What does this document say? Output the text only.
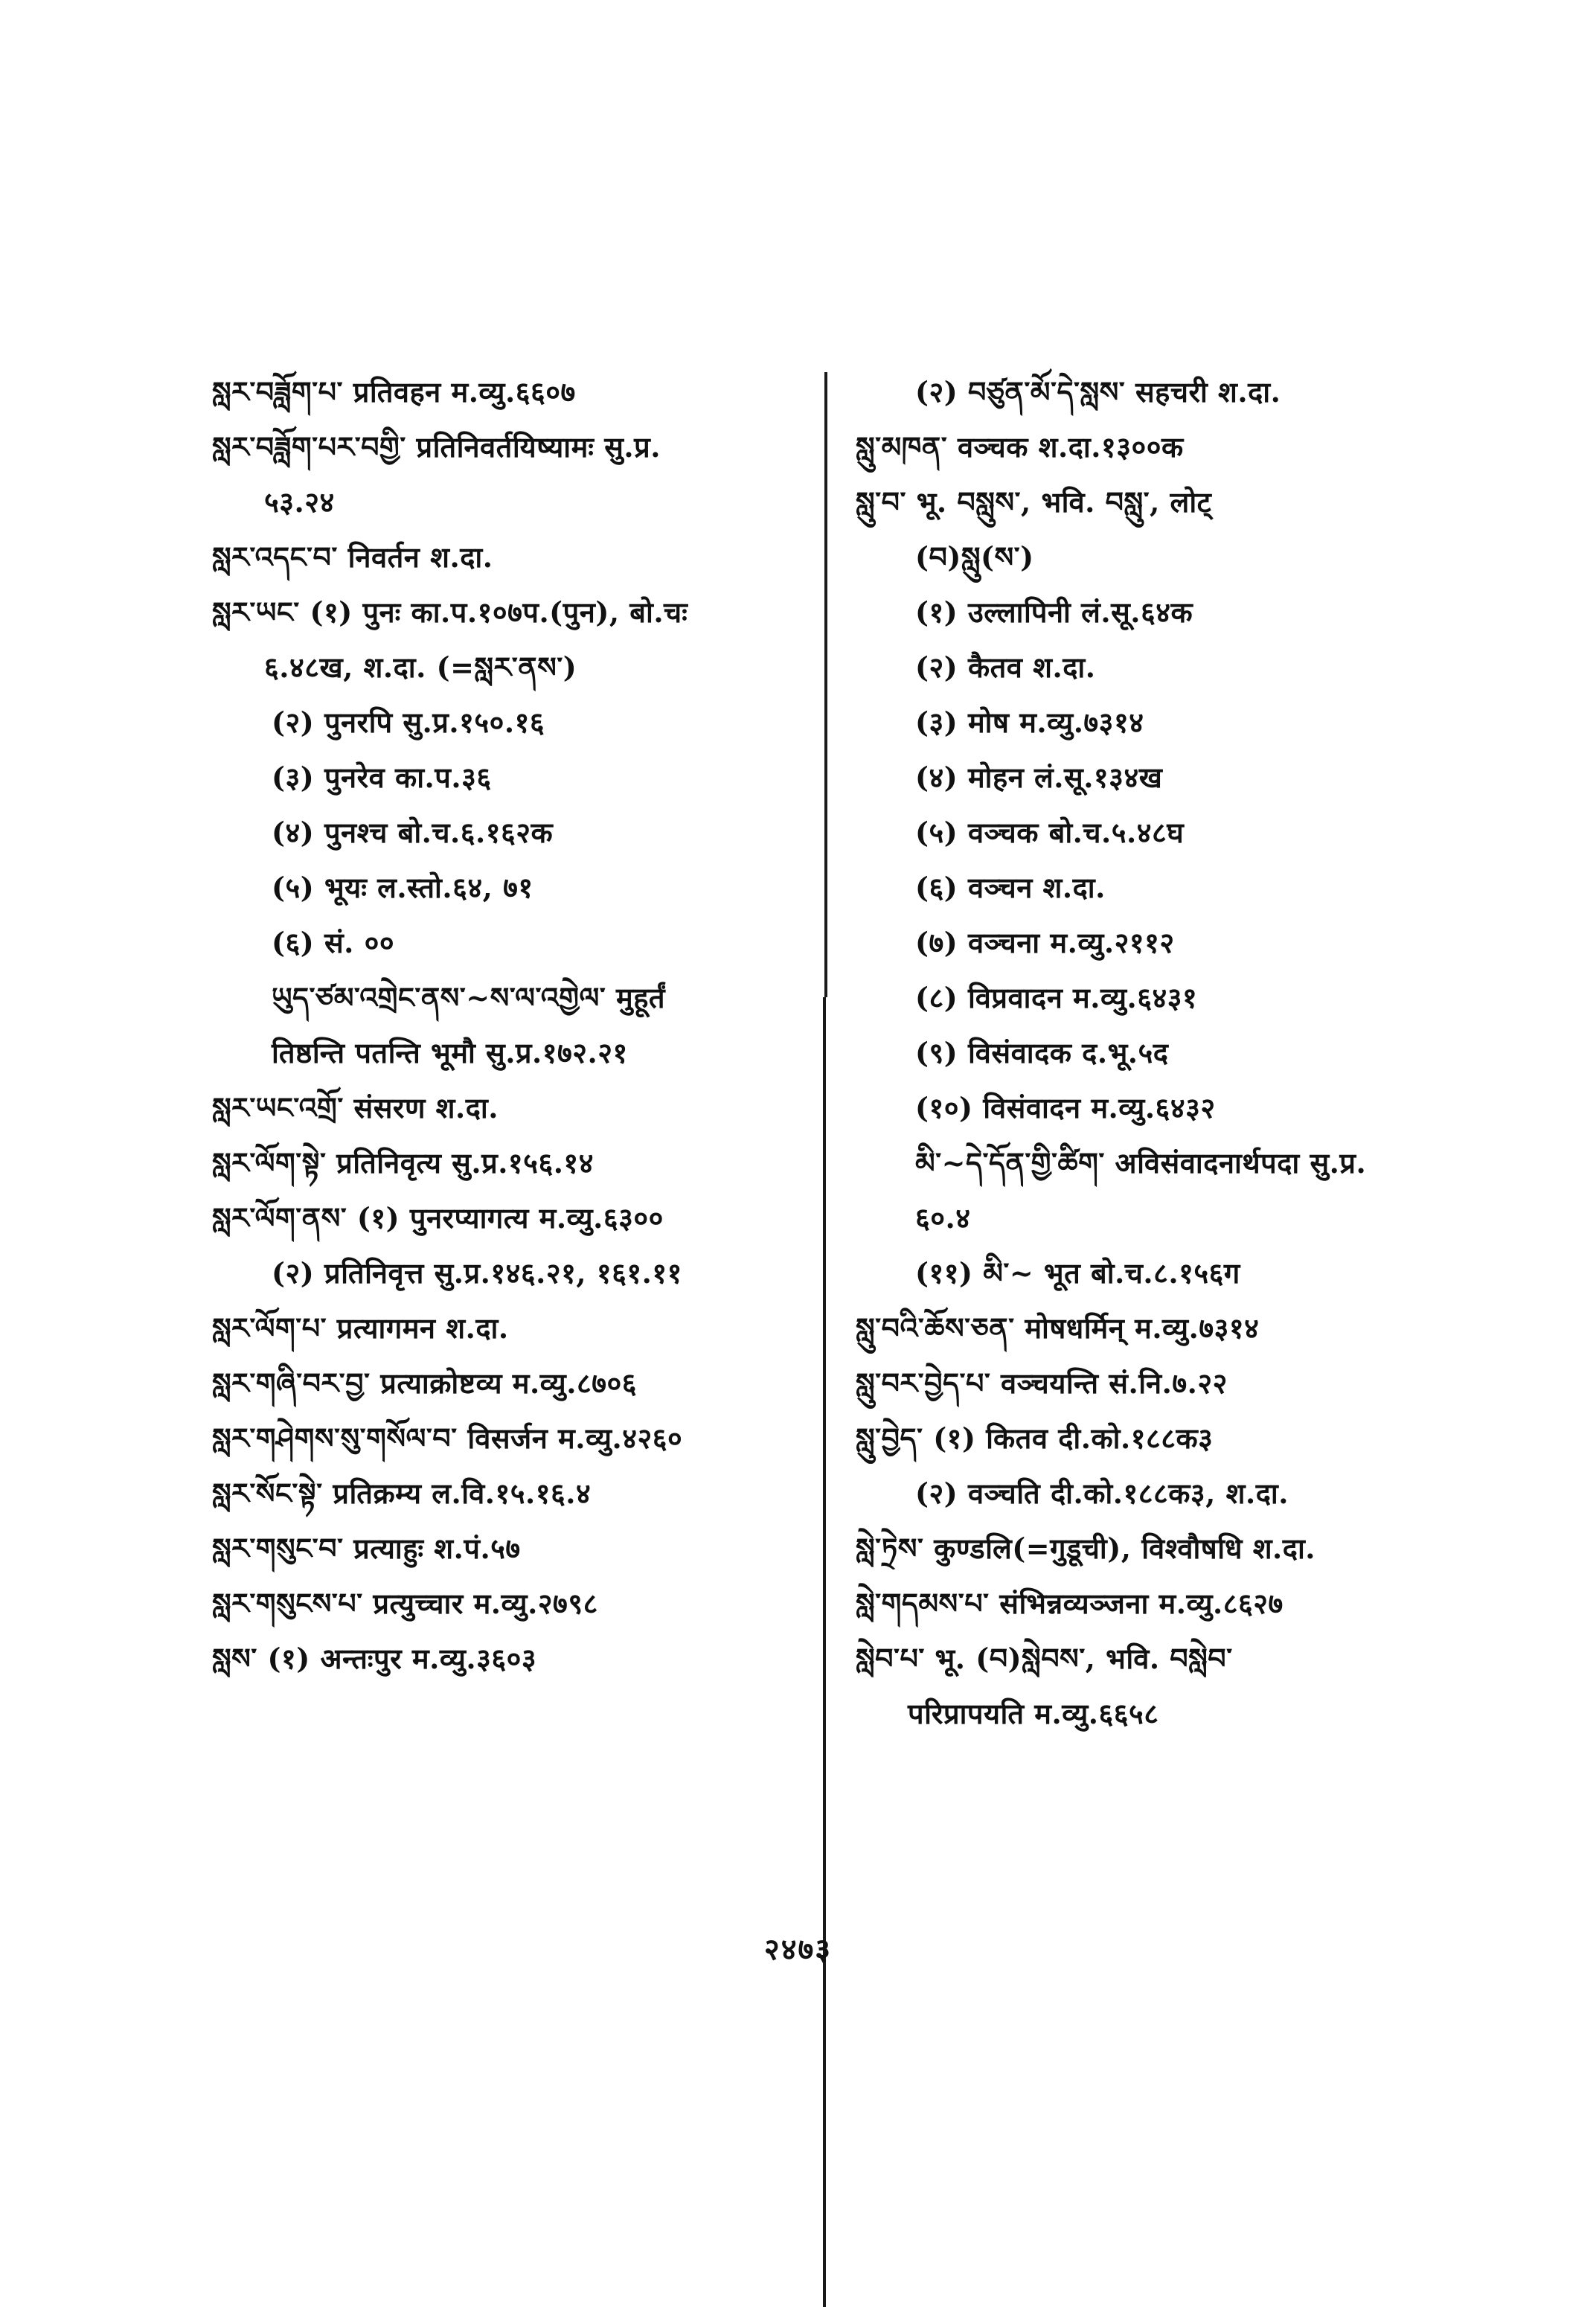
སླར་བཟློག་པ་ प्रतिवहन म.व्यु.६६०७
སླར་བཟློག་པར་བགྱི་ प्रतिनिवर्तयिष्यामः सु.प्र.
५३.२४
སླར་འདང་བ་ निवर्तन श.दा.
སླར་ཡང་ (१) पुनः का.प.१०७प.(पुन), बो.चः
६.४८ख, श.दा. (=སླར་ནས་)
(२) पुनरपि सु.प्र.१५०.१६
(३) पुनरेव का.प.३६
(४) पुनश्च बो.च.६.१६२क
(५) भूयः ल.स्तो.६४, ७१
(६) सं. ००
ཡུད་ཙམ་འགྲེང་ནས་~ས་ལ་འགྱེལ་ मुहूर्तं
तिष्ठन्ति पतन्ति भूमौ सु.प्र.१७२.२१
སླར་ཡང་འགྲོ་ संसरण श.दा.
སླར་ལོག་སྟེ་ प्रतिनिवृत्य सु.प्र.१५६.१४
སླར་ལོག་ནས་ (१) पुनरप्यागत्य म.व्यु.६३००
(२) प्रतिनिवृत्त सु.प्र.१४६.२१, १६१.११
སླར་ལོག་པ་ प्रत्यागमन श.दा.
སླར་གཞི་བར་བྱ་ प्रत्याक्रोष्टव्य म.व्यु.८७०६
སླར་གཤེགས་སུ་གསོལ་བ་ विसर्जन म.व्यु.४२६०
སླར་སོང་སྟེ་ प्रतिक्रम्य ल.वि.१५.१६.४
སླར་གསུང་བ་ प्रत्याहुः श.पं.५७
སླར་གསུངས་པ་ प्रत्युच्चार म.व्यु.२७९८
སླས་ (१) अन्तःपुर म.व्यु.३६०३
(२) བཙུན་མོ་དེ་སླས་ सहचरी श.दा.
སླུ་མཁན་ वञ्चक श.दा.१३००क
སླུ་བ་ भू. བསླུས་, भवि. བསླུ་, लोट्
(བ)སླུ(ས་)
(१) उल्लापिनी लं.सू.६४क
(२) कैतव श.दा.
(३) मोष म.व्यु.७३१४
(४) मोहन लं.सू.१३४ख
(५) वञ्चक बो.च.५.४८घ
(६) वञ्चन श.दा.
(७) वञ्चना म.व्यु.२११२
(८) विप्रवादन म.व्यु.६४३१
(९) विसंवादक द.भू.५द
(१०) विसंवादन म.व्यु.६४३२
མི་~དེ་དོན་གྱི་ཚིག་ अविसंवादनार्थपदा सु.प्र.
६०.४
(११) མི་~ भूत बो.च.८.१५६ग
སླུ་བའི་ཆོས་ཅན་ मोषधर्मिन् म.व्यु.७३१४
སླུ་བར་བྱེད་པ་ वञ्चयन्ति सं.नि.७.२२
སླུ་བྱེད་ (१) कितव दी.को.१८८क३
(२) वञ्चति दी.को.१८८क३, श.दा.
སླེ་ཏྲེས་ कुण्डलि(=गुडूची), विश्वौषधि श.दा.
སླེ་གདམས་པ་ संभिन्नव्यञ्जना म.व्यु.८६२७
སླེབ་པ་ भू. (བ)སླེབས་, भवि. བསླེབ་
परिप्रापयति म.व्यु.६६५८
२४७३
